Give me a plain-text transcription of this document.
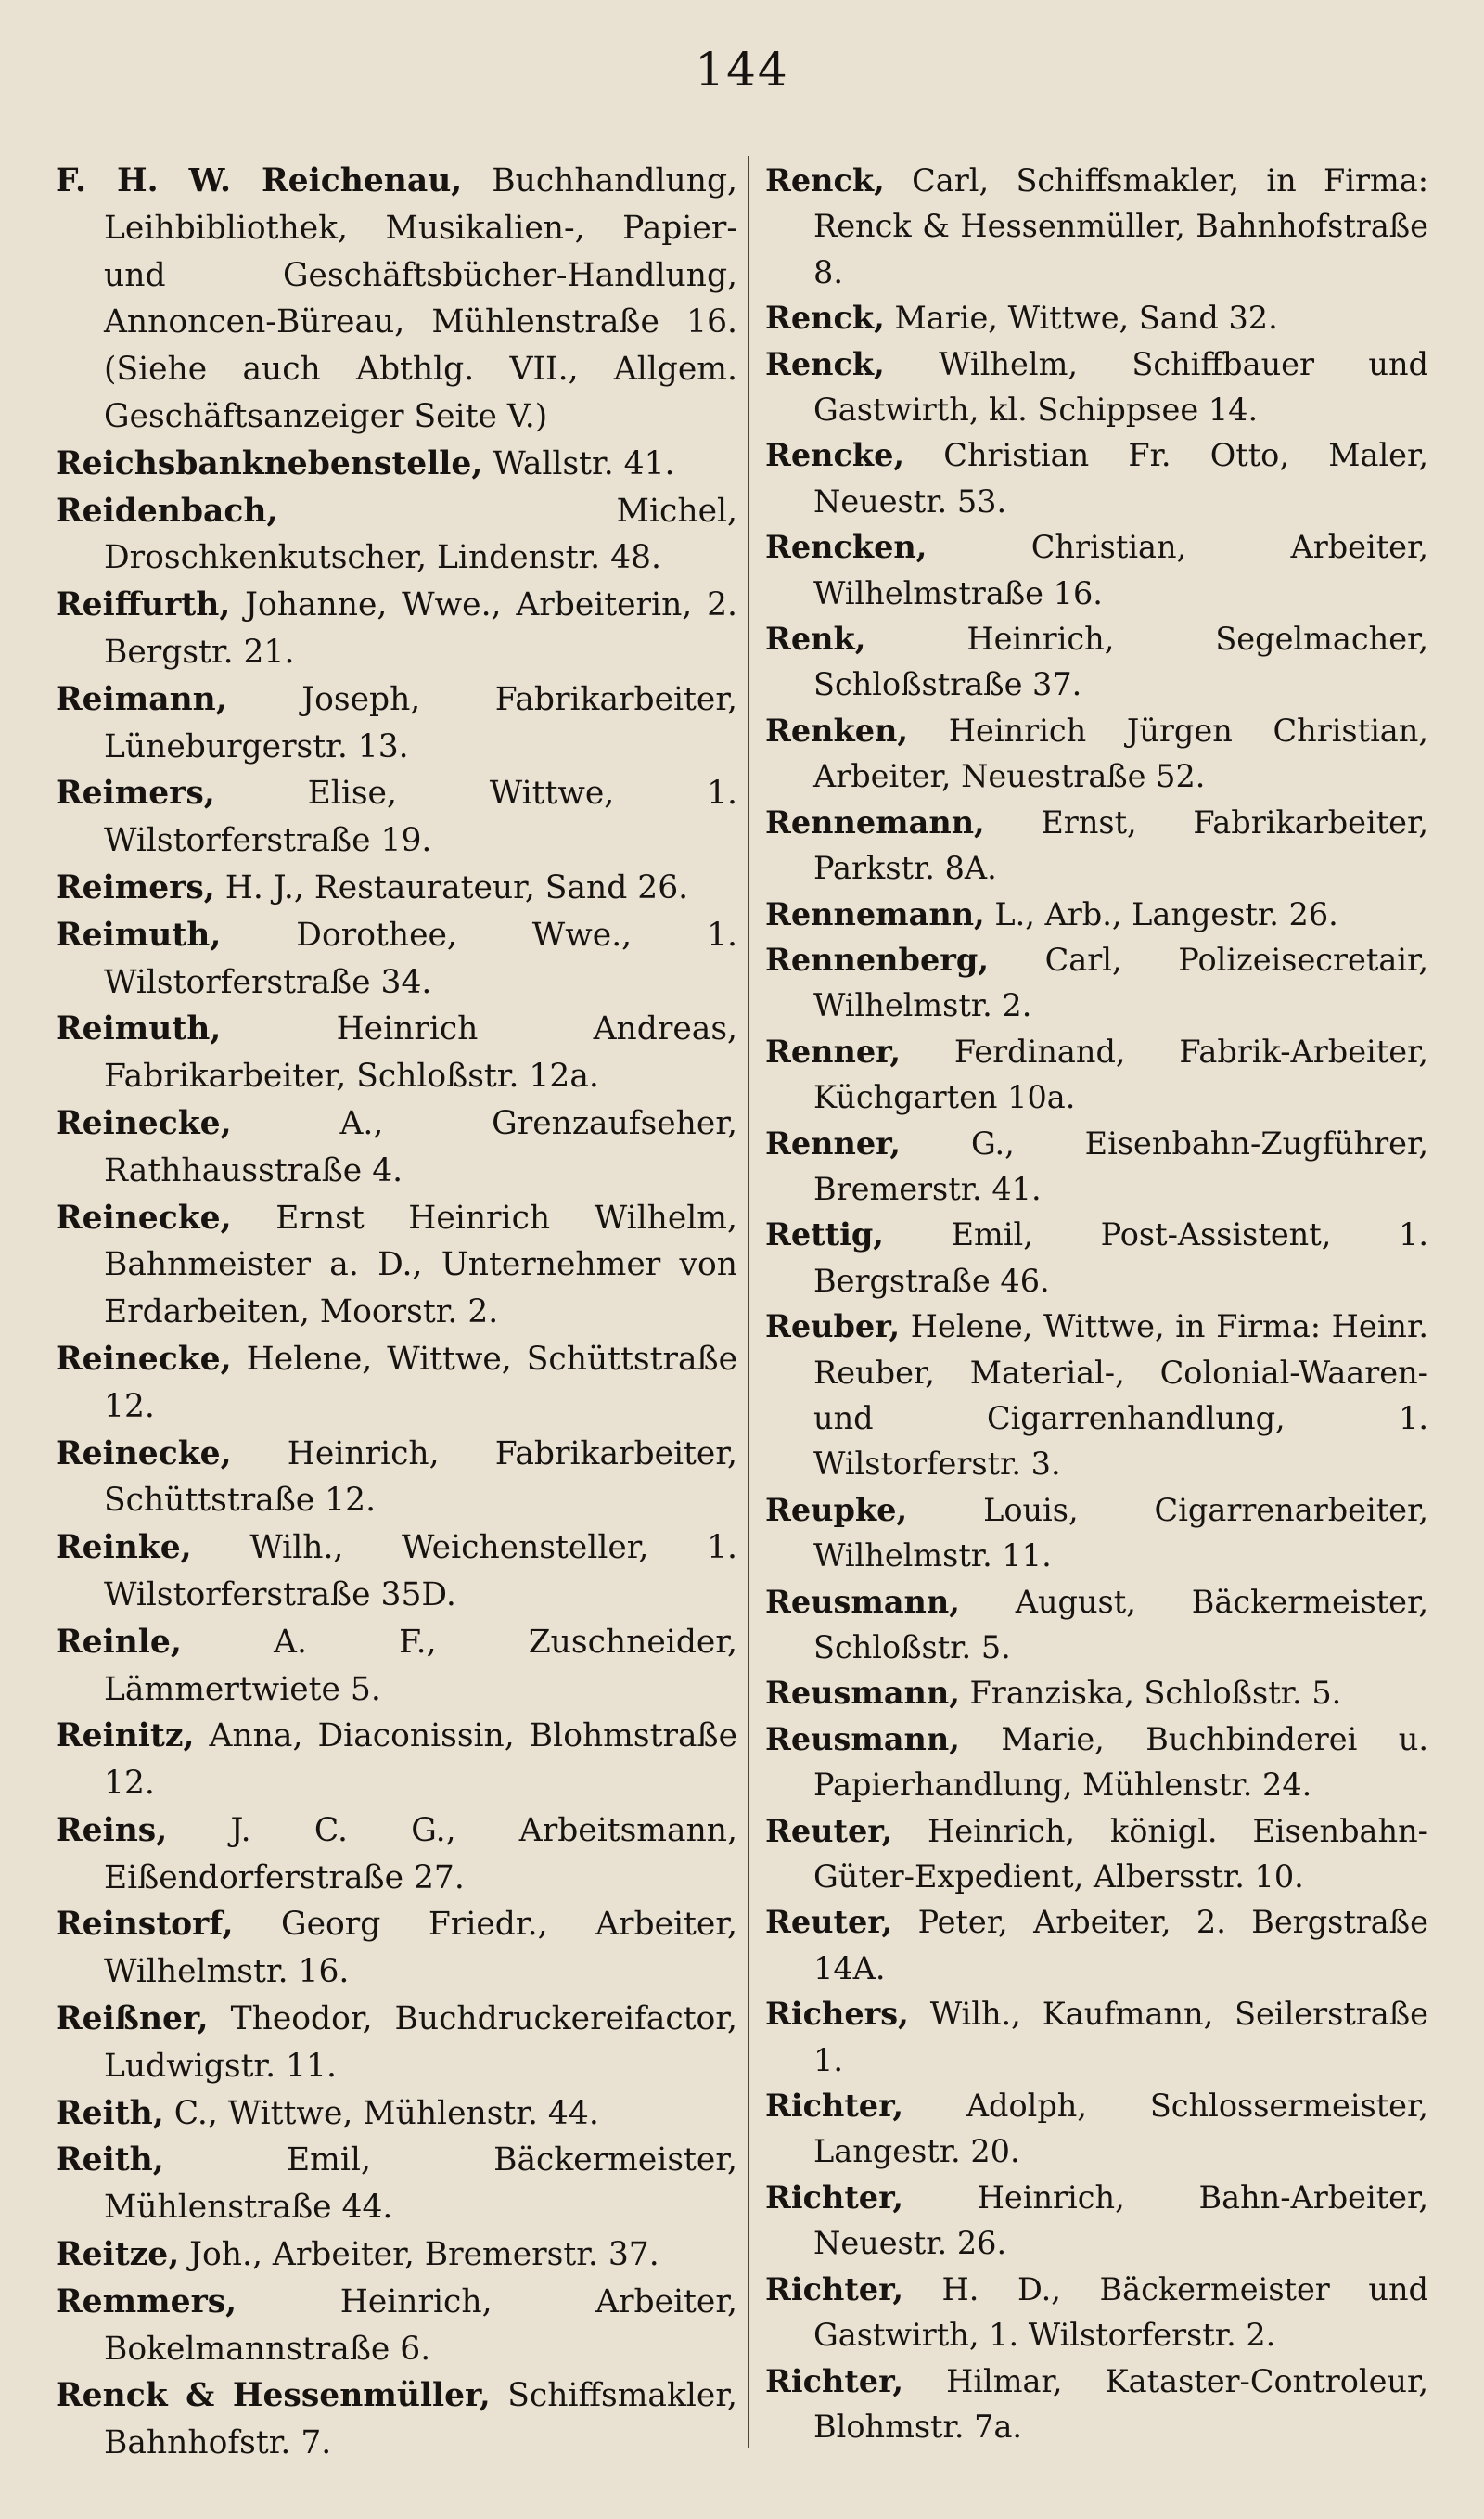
144

F. H. W. Reichenau, Buchhandlung, Leihbibliothek, Musikalien-, Papier- und Geschäftsbücher-Handlung, Annoncen-Büreau, Mühlenstraße 16. (Siehe auch Abthlg. VII., Allgem. Geschäftsanzeiger Seite V.)

Reichsbanknebenstelle, Wallstr. 41.

Reidenbach, Michel, Droschkenkutscher, Lindenstr. 48.

Reiffurth, Johanne, Wwe., Arbeiterin, 2. Bergstr. 21.

Reimann, Joseph, Fabrikarbeiter, Lüneburgerstr. 13.

Reimers, Elise, Wittwe, 1. Wilstorferstraße 19.

Reimers, H. J., Restaurateur, Sand 26.

Reimuth, Dorothee, Wwe., 1. Wilstorferstraße 34.

Reimuth, Heinrich Andreas, Fabrikarbeiter, Schloßstr. 12a.

Reinecke, A., Grenzaufseher, Rathhausstraße 4.

Reinecke, Ernst Heinrich Wilhelm, Bahnmeister a. D., Unternehmer von Erdarbeiten, Moorstr. 2.

Reinecke, Helene, Wittwe, Schüttstraße 12.

Reinecke, Heinrich, Fabrikarbeiter, Schüttstraße 12.

Reinke, Wilh., Weichensteller, 1. Wilstorferstraße 35D.

Reinle, A. F., Zuschneider, Lämmertwiete 5.

Reinitz, Anna, Diaconissin, Blohmstraße 12.

Reins, J. C. G., Arbeitsmann, Eißendorferstraße 27.

Reinstorf, Georg Friedr., Arbeiter, Wilhelmstr. 16.

Reißner, Theodor, Buchdruckereifactor, Ludwigstr. 11.

Reith, C., Wittwe, Mühlenstr. 44.

Reith, Emil, Bäckermeister, Mühlenstraße 44.

Reitze, Joh., Arbeiter, Bremerstr. 37.

Remmers, Heinrich, Arbeiter, Bokelmannstraße 6.

Renck & Hessenmüller, Schiffsmakler, Bahnhofstr. 7.

Renck, Carl, Schiffsmakler, in Firma: Renck & Hessenmüller, Bahnhofstraße 8.

Renck, Marie, Wittwe, Sand 32.

Renck, Wilhelm, Schiffbauer und Gastwirth, kl. Schippsee 14.

Rencke, Christian Fr. Otto, Maler, Neuestr. 53.

Rencken, Christian, Arbeiter, Wilhelmstraße 16.

Renk, Heinrich, Segelmacher, Schloßstraße 37.

Renken, Heinrich Jürgen Christian, Arbeiter, Neuestraße 52.

Rennemann, Ernst, Fabrikarbeiter, Parkstr. 8A.

Rennemann, L., Arb., Langestr. 26.

Rennenberg, Carl, Polizeisecretair, Wilhelmstr. 2.

Renner, Ferdinand, Fabrik-Arbeiter, Küchgarten 10a.

Renner, G., Eisenbahn-Zugführer, Bremerstr. 41.

Rettig, Emil, Post-Assistent, 1. Bergstraße 46.

Reuber, Helene, Wittwe, in Firma: Heinr. Reuber, Material-, Colonial-Waaren- und Cigarrenhandlung, 1. Wilstorferstr. 3.

Reupke, Louis, Cigarrenarbeiter, Wilhelmstr. 11.

Reusmann, August, Bäckermeister, Schloßstr. 5.

Reusmann, Franziska, Schloßstr. 5.

Reusmann, Marie, Buchbinderei u. Papierhandlung, Mühlenstr. 24.

Reuter, Heinrich, königl. Eisenbahn-Güter-Expedient, Albersstr. 10.

Reuter, Peter, Arbeiter, 2. Bergstraße 14A.

Richers, Wilh., Kaufmann, Seilerstraße 1.

Richter, Adolph, Schlossermeister, Langestr. 20.

Richter, Heinrich, Bahn-Arbeiter, Neuestr. 26.

Richter, H. D., Bäckermeister und Gastwirth, 1. Wilstorferstr. 2.

Richter, Hilmar, Kataster-Controleur, Blohmstr. 7a.
